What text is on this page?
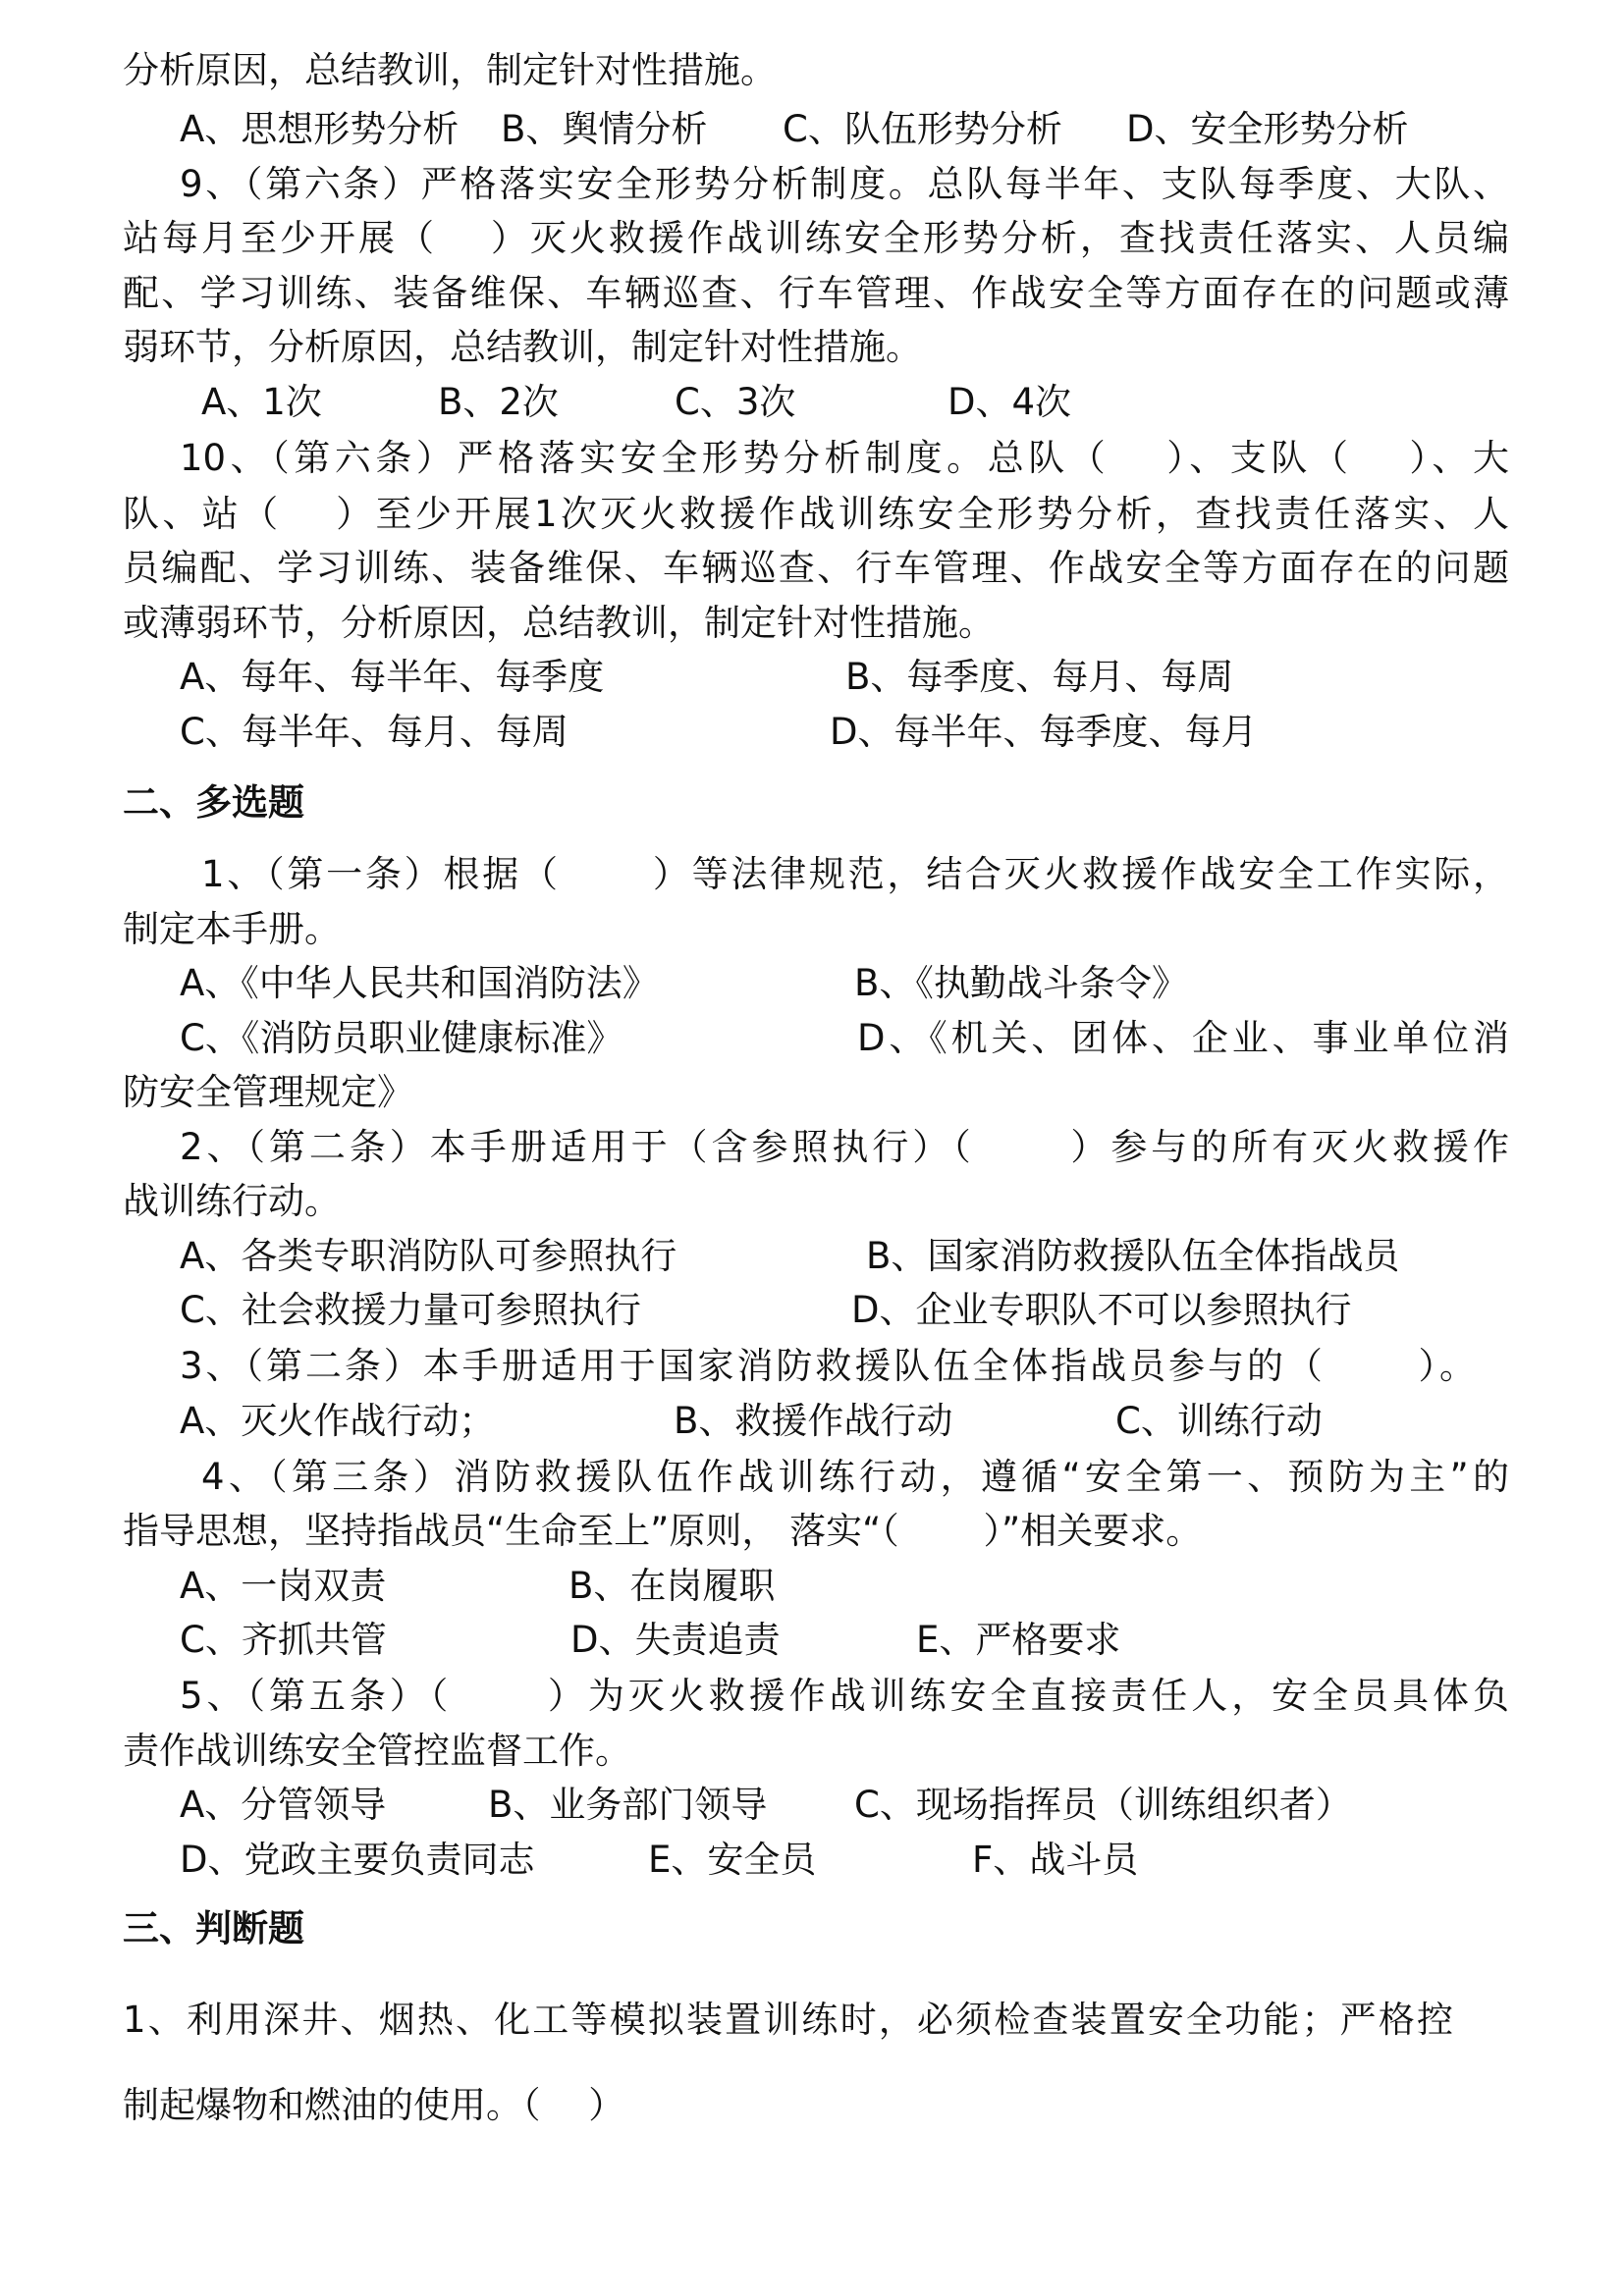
分析原因，总结教训，制定针对性措施。
A、思想形势分析 B、舆情分析 C、队伍形势分析 D、安全形势分析
9、（第六条）严格落实安全形势分析制度。总队每半年、支队每季度、大队、
站每月至少开展（　 ）灭火救援作战训练安全形势分析，查找责任落实、人员编
配、学习训练、装备维保、车辆巡查、行车管理、作战安全等方面存在的问题或薄
弱环节，分析原因，总结教训，制定针对性措施。
A、1次	B、2次	C、3次	D、4次
10、（第六条）严格落实安全形势分析制度。总队（　 ）、支队（　 ）、大
队、站（　 ）至少开展1次灭火救援作战训练安全形势分析，查找责任落实、人
员编配、学习训练、装备维保、车辆巡查、行车管理、作战安全等方面存在的问题
或薄弱环节，分析原因，总结教训，制定针对性措施。
A、每年、每半年、每季度	B、每季度、每月、每周
C、每半年、每月、每周	D、每半年、每季度、每月
二、多选题
1、（第一条）根据（　　 ）等法律规范，结合灭火救援作战安全工作实际，
制定本手册。
A、《中华人民共和国消防法》	B、《执勤战斗条令》
C、《消防员职业健康标准》	D、《机关、团体、企业、事业单位消
防安全管理规定》
2、（第二条）本手册适用于（含参照执行）（　　 ）参与的所有灭火救援作
战训练行动。
A、各类专职消防队可参照执行	B、国家消防救援队伍全体指战员
C、社会救援力量可参照执行	D、企业专职队不可以参照执行
3、（第二条）本手册适用于国家消防救援队伍全体指战员参与的（　　 ）。
A、灭火作战行动；	B、救援作战行动	C、训练行动
4、（第三条）消防救援队伍作战训练行动，遵循“安全第一、预防为主”的
指导思想，坚持指战员“生命至上”原则， 落实“（　　 ）”相关要求。
A、一岗双责	B、在岗履职
C、齐抓共管	D、失责追责	E、严格要求
5、（第五条）（　　 ）为灭火救援作战训练安全直接责任人，安全员具体负
责作战训练安全管控监督工作。
A、分管领导	B、业务部门领导 C、现场指挥员（训练组织者）
D、党政主要负责同志	E、安全员	F、战斗员
三、判断题
1、利用深井、烟热、化工等模拟装置训练时，必须检查装置安全功能；严格控
制起爆物和燃油的使用。（　 ）
